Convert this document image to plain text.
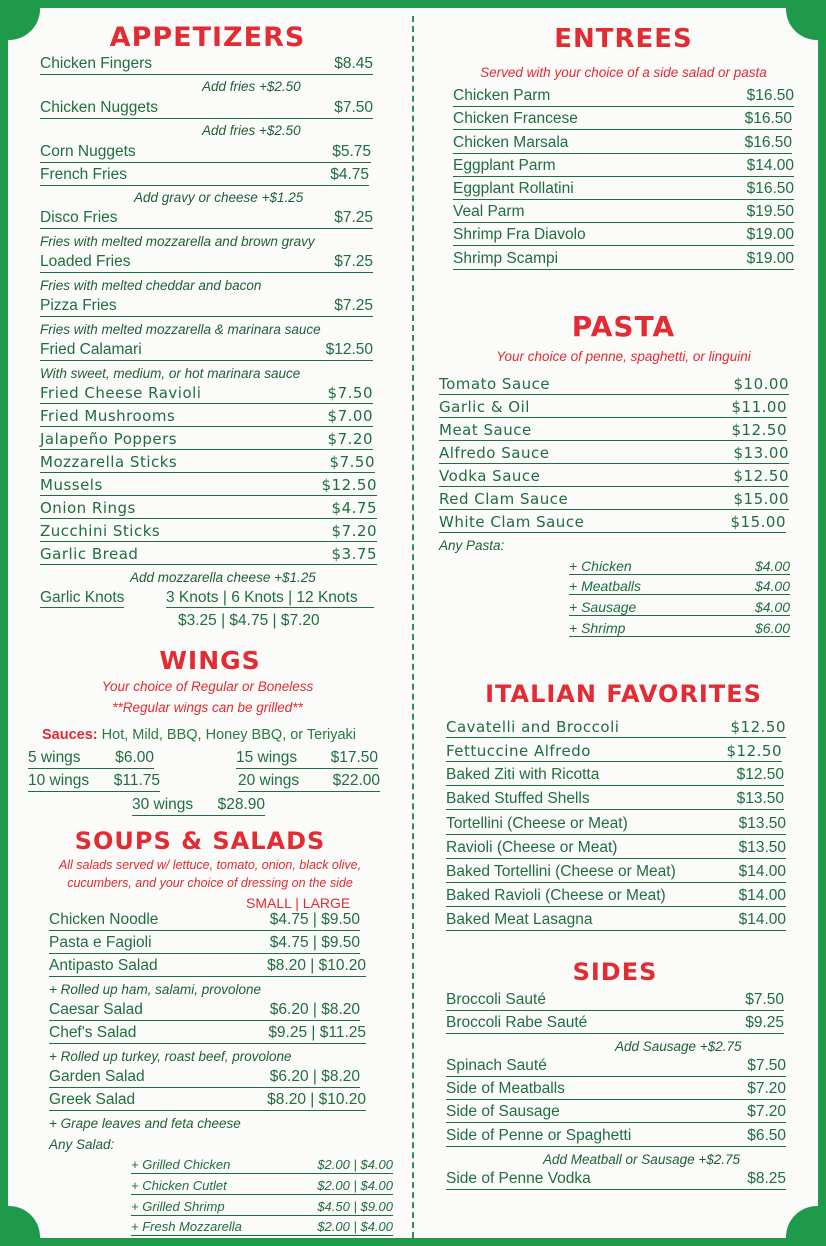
APPETIZERS
Chicken Fingers	$8.45
Add fries +$2.50
Chicken Nuggets	$7.50
Add fries +$2.50
Corn Nuggets	$5.75
French Fries	$4.75
Add gravy or cheese +$1.25
Disco Fries	$7.25
Fries with melted mozzarella and brown gravy
Loaded Fries	$7.25
Fries with melted cheddar and bacon
Pizza Fries	$7.25
Fries with melted mozzarella & marinara sauce
Fried Calamari	$12.50
With sweet, medium, or hot marinara sauce
Fried Cheese Ravioli	$7.50
Fried Mushrooms	$7.00
Jalapeño Poppers	$7.20
Mozzarella Sticks	$7.50
Mussels	$12.50
Onion Rings	$4.75
Zucchini Sticks	$7.20
Garlic Bread	$3.75
Add mozzarella cheese +$1.25
Garlic Knots	3 Knots | 6 Knots | 12 Knots
$3.25 | $4.75 | $7.20
WINGS
Your choice of Regular or Boneless
**Regular wings can be grilled**
Sauces: Hot, Mild, BBQ, Honey BBQ, or Teriyaki
5 wings $6.00	15 wings $17.50
10 wings $11.75	20 wings $22.00
30 wings $28.90
SOUPS & SALADS
All salads served w/ lettuce, tomato, onion, black olive,
cucumbers, and your choice of dressing on the side
SMALL | LARGE
Chicken Noodle	$4.75 | $9.50
Pasta e Fagioli	$4.75 | $9.50
Antipasto Salad	$8.20 | $10.20
+ Rolled up ham, salami, provolone
Caesar Salad	$6.20 | $8.20
Chef's Salad	$9.25 | $11.25
+ Rolled up turkey, roast beef, provolone
Garden Salad	$6.20 | $8.20
Greek Salad	$8.20 | $10.20
+ Grape leaves and feta cheese
Any Salad:
+ Grilled Chicken	$2.00 | $4.00
+ Chicken Cutlet	$2.00 | $4.00
+ Grilled Shrimp	$4.50 | $9.00
+ Fresh Mozzarella	$2.00 | $4.00
ENTREES
Served with your choice of a side salad or pasta
Chicken Parm	$16.50
Chicken Francese	$16.50
Chicken Marsala	$16.50
Eggplant Parm	$14.00
Eggplant Rollatini	$16.50
Veal Parm	$19.50
Shrimp Fra Diavolo	$19.00
Shrimp Scampi	$19.00
PASTA
Your choice of penne, spaghetti, or linguini
Tomato Sauce	$10.00
Garlic & Oil	$11.00
Meat Sauce	$12.50
Alfredo Sauce	$13.00
Vodka Sauce	$12.50
Red Clam Sauce	$15.00
White Clam Sauce	$15.00
Any Pasta:
+ Chicken	$4.00
+ Meatballs	$4.00
+ Sausage	$4.00
+ Shrimp	$6.00
ITALIAN FAVORITES
Cavatelli and Broccoli	$12.50
Fettuccine Alfredo	$12.50
Baked Ziti with Ricotta	$12.50
Baked Stuffed Shells	$13.50
Tortellini (Cheese or Meat)	$13.50
Ravioli (Cheese or Meat)	$13.50
Baked Tortellini (Cheese or Meat)	$14.00
Baked Ravioli (Cheese or Meat)	$14.00
Baked Meat Lasagna	$14.00
SIDES
Broccoli Sauté	$7.50
Broccoli Rabe Sauté	$9.25
Add Sausage +$2.75
Spinach Sauté	$7.50
Side of Meatballs	$7.20
Side of Sausage	$7.20
Side of Penne or Spaghetti	$6.50
Add Meatball or Sausage +$2.75
Side of Penne Vodka	$8.25
